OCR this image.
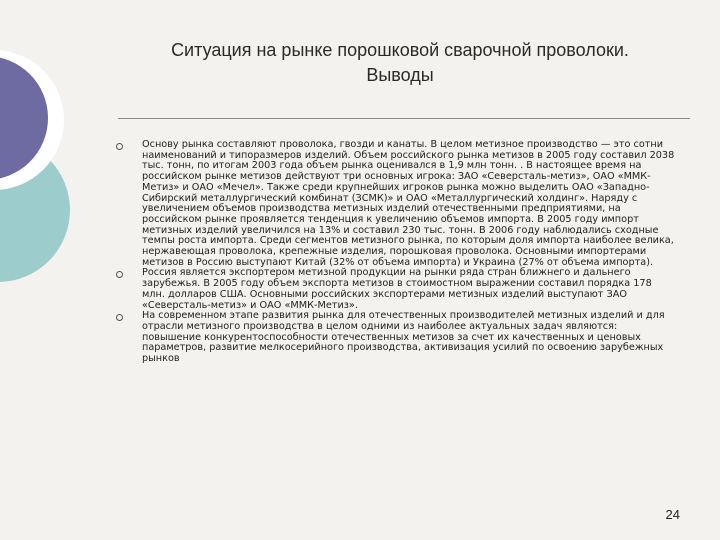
Ситуация на рынке порошковой сварочной проволоки.
Выводы
Основу рынка составляют проволока, гвозди и канаты. В целом метизное производство — это сотни наименований и типоразмеров изделий. Объем российского рынка метизов в 2005 году составил 2038 тыс. тонн, по итогам 2003 года объем рынка оценивался в 1,9 млн тонн. . В настоящее время на российском рынке метизов действуют три основных игрока: ЗАО «Северсталь-метиз», ОАО «ММК-Метиз» и ОАО «Мечел». Также среди крупнейших игроков рынка можно выделить ОАО «Западно-Сибирский металлургический комбинат (ЗСМК)» и ОАО «Металлургический холдинг». Наряду с увеличением объемов производства метизных изделий отечественными предприятиями, на российском рынке проявляется тенденция к увеличению объемов импорта. В 2005 году импорт метизных изделий увеличился на 13% и составил 230 тыс. тонн. В 2006 году наблюдались сходные темпы роста импорта. Среди сегментов метизного рынка, по которым доля импорта наиболее велика, нержавеющая проволока, крепежные изделия, порошковая проволока. Основными импортерами метизов в Россию выступают Китай (32% от объема импорта) и Украина (27% от объема импорта).
Россия является экспортером метизной продукции на рынки ряда стран ближнего и дальнего зарубежья. В 2005 году объем экспорта метизов в стоимостном выражении составил порядка 178 млн. долларов США. Основными российских экспортерами метизных изделий выступают ЗАО «Северсталь-метиз» и ОАО «ММК-Метиз».
На современном этапе развития рынка для отечественных производителей метизных изделий и для отрасли метизного производства в целом одними из наиболее актуальных задач являются: повышение конкурентоспособности отечественных метизов за счет их качественных и ценовых параметров, развитие мелкосерийного производства, активизация усилий по освоению зарубежных рынков
24
